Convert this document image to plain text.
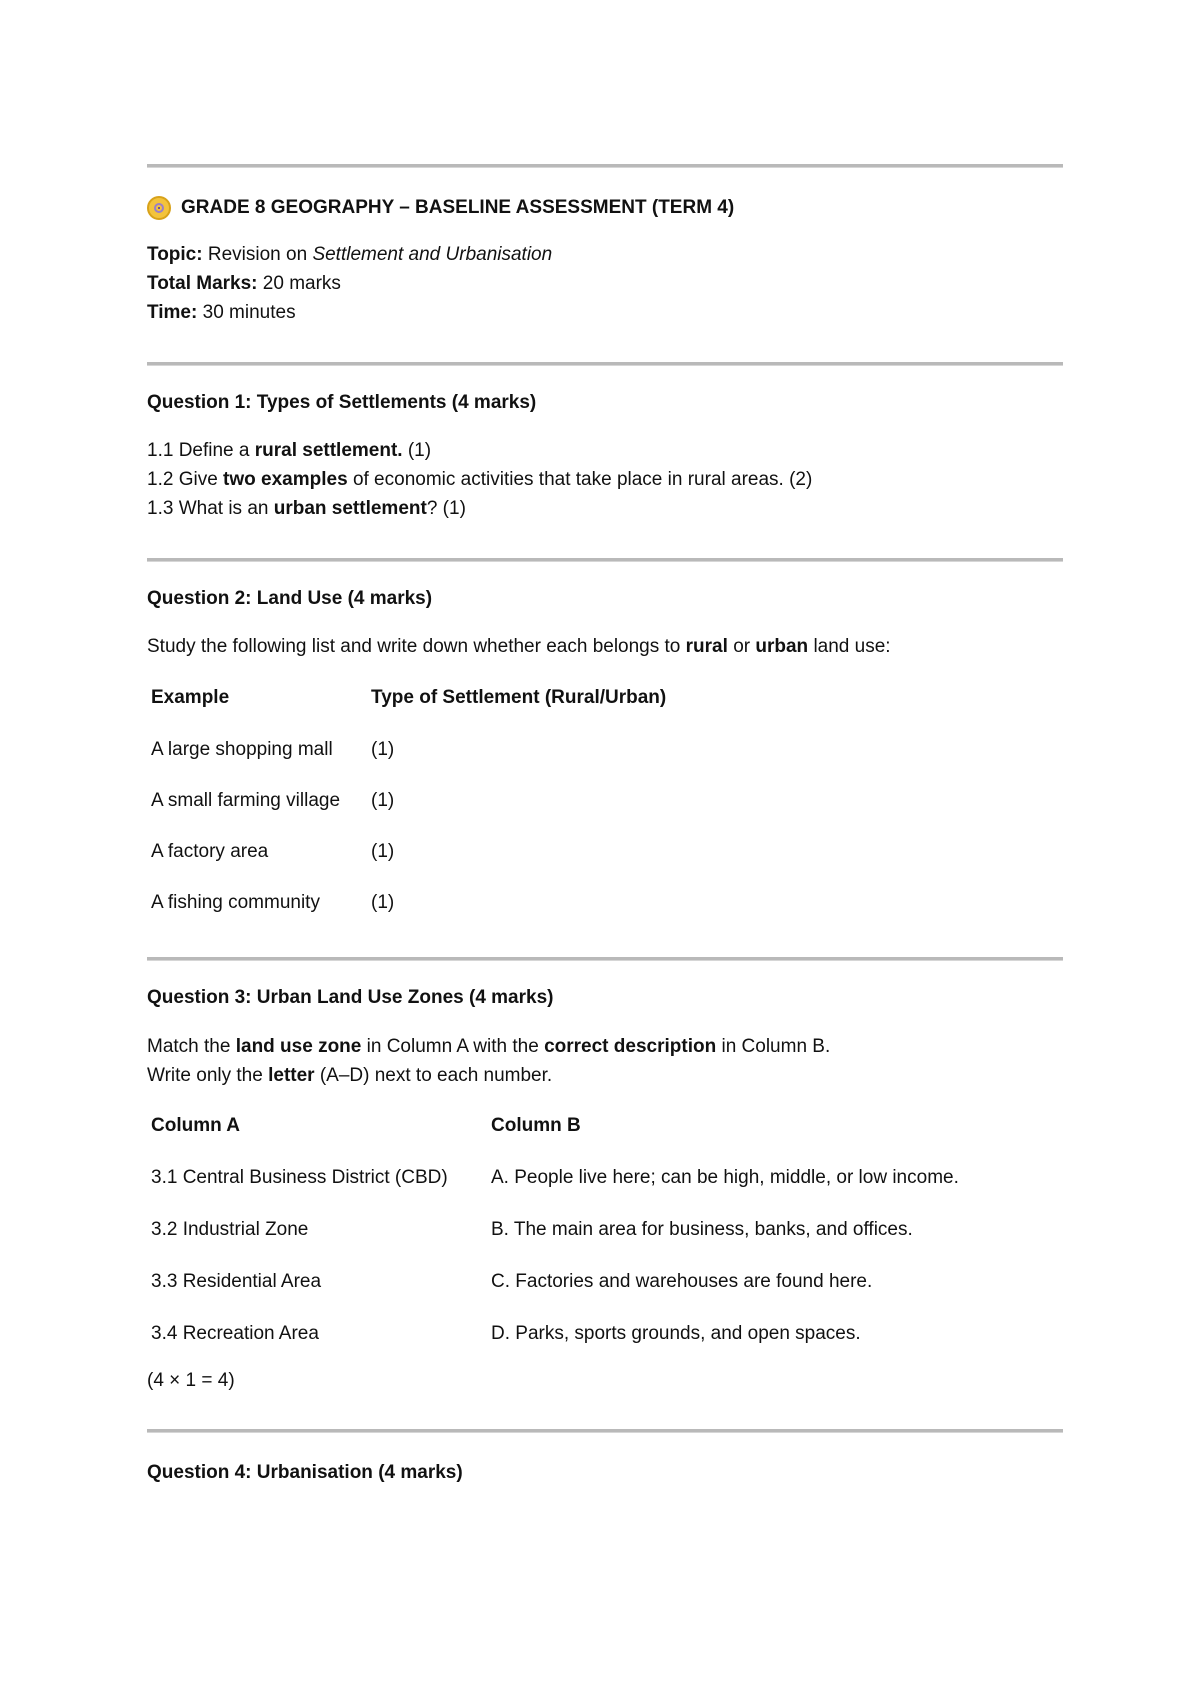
GRADE 8 GEOGRAPHY – BASELINE ASSESSMENT (TERM 4)
Topic: Revision on Settlement and Urbanisation
Total Marks: 20 marks
Time: 30 minutes
Question 1: Types of Settlements (4 marks)
1.1 Define a rural settlement. (1)
1.2 Give two examples of economic activities that take place in rural areas. (2)
1.3 What is an urban settlement? (1)
Question 2: Land Use (4 marks)
Study the following list and write down whether each belongs to rural or urban land use:
Example	Type of Settlement (Rural/Urban)
A large shopping mall	(1)
A small farming village	(1)
A factory area	(1)
A fishing community	(1)
Question 3: Urban Land Use Zones (4 marks)
Match the land use zone in Column A with the correct description in Column B.
Write only the letter (A–D) next to each number.
Column A	Column B
3.1 Central Business District (CBD)	A. People live here; can be high, middle, or low income.
3.2 Industrial Zone	B. The main area for business, banks, and offices.
3.3 Residential Area	C. Factories and warehouses are found here.
3.4 Recreation Area	D. Parks, sports grounds, and open spaces.
(4 × 1 = 4)
Question 4: Urbanisation (4 marks)
